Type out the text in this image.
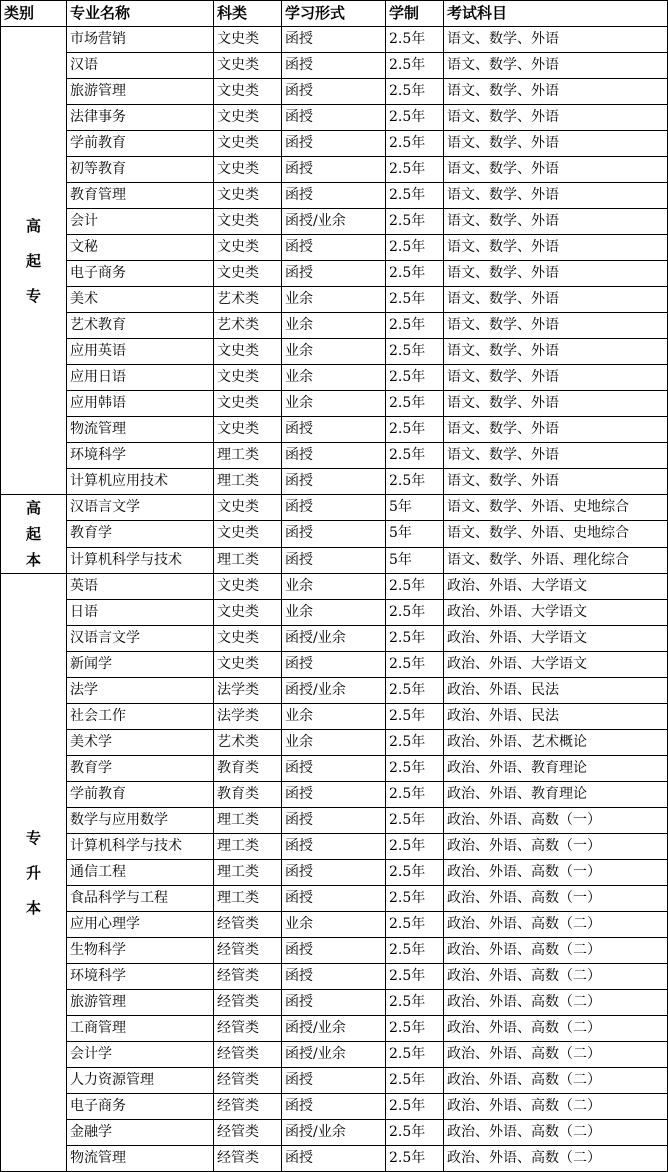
类别	专业名称	科类	学习形式	学制	考试科目

高
起
专	市场营销	文史类	函授	2.5年	语文、数学、外语
	汉语	文史类	函授	2.5年	语文、数学、外语
	旅游管理	文史类	函授	2.5年	语文、数学、外语
	法律事务	文史类	函授	2.5年	语文、数学、外语
	学前教育	文史类	函授	2.5年	语文、数学、外语
	初等教育	文史类	函授	2.5年	语文、数学、外语
	教育管理	文史类	函授	2.5年	语文、数学、外语
	会计	文史类	函授/业余	2.5年	语文、数学、外语
	文秘	文史类	函授	2.5年	语文、数学、外语
	电子商务	文史类	函授	2.5年	语文、数学、外语
	美术	艺术类	业余	2.5年	语文、数学、外语
	艺术教育	艺术类	业余	2.5年	语文、数学、外语
	应用英语	文史类	业余	2.5年	语文、数学、外语
	应用日语	文史类	业余	2.5年	语文、数学、外语
	应用韩语	文史类	业余	2.5年	语文、数学、外语
	物流管理	文史类	函授	2.5年	语文、数学、外语
	环境科学	理工类	函授	2.5年	语文、数学、外语
	计算机应用技术	理工类	函授	2.5年	语文、数学、外语

高
起
本	汉语言文学	文史类	函授	5年	语文、数学、外语、史地综合
	教育学	文史类	函授	5年	语文、数学、外语、史地综合
	计算机科学与技术	理工类	函授	5年	语文、数学、外语、理化综合

专
升
本	英语	文史类	业余	2.5年	政治、外语、大学语文
	日语	文史类	业余	2.5年	政治、外语、大学语文
	汉语言文学	文史类	函授/业余	2.5年	政治、外语、大学语文
	新闻学	文史类	函授	2.5年	政治、外语、大学语文
	法学	法学类	函授/业余	2.5年	政治、外语、民法
	社会工作	法学类	业余	2.5年	政治、外语、民法
	美术学	艺术类	业余	2.5年	政治、外语、艺术概论
	教育学	教育类	函授	2.5年	政治、外语、教育理论
	学前教育	教育类	函授	2.5年	政治、外语、教育理论
	数学与应用数学	理工类	函授	2.5年	政治、外语、高数（一）
	计算机科学与技术	理工类	函授	2.5年	政治、外语、高数（一）
	通信工程	理工类	函授	2.5年	政治、外语、高数（一）
	食品科学与工程	理工类	函授	2.5年	政治、外语、高数（一）
	应用心理学	经管类	业余	2.5年	政治、外语、高数（二）
	生物科学	经管类	函授	2.5年	政治、外语、高数（二）
	环境科学	经管类	函授	2.5年	政治、外语、高数（二）
	旅游管理	经管类	函授	2.5年	政治、外语、高数（二）
	工商管理	经管类	函授/业余	2.5年	政治、外语、高数（二）
	会计学	经管类	函授/业余	2.5年	政治、外语、高数（二）
	人力资源管理	经管类	函授	2.5年	政治、外语、高数（二）
	电子商务	经管类	函授	2.5年	政治、外语、高数（二）
	金融学	经管类	函授/业余	2.5年	政治、外语、高数（二）
	物流管理	经管类	函授	2.5年	政治、外语、高数（二）
